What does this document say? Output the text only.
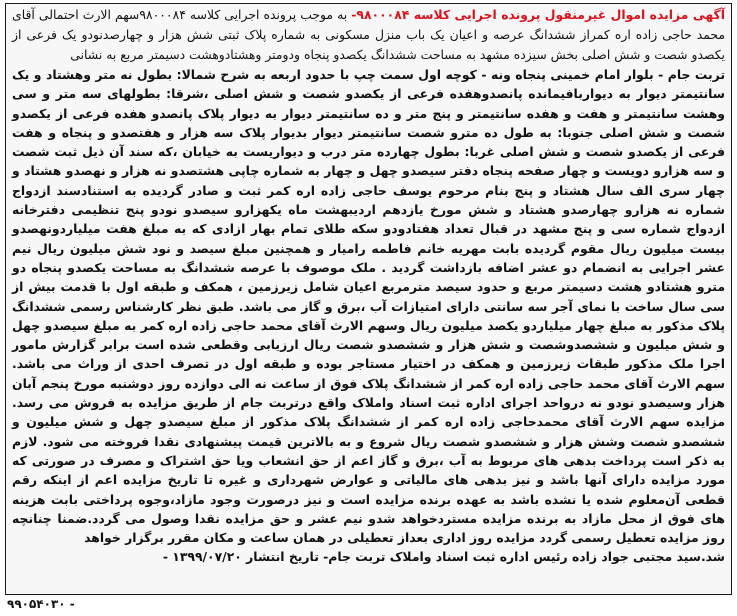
آگهی مزایده اموال غیرمنقول پرونده اجرایی کلاسه ۹۸۰۰۰۸۴- به موجب پرونده اجرایی کلاسه ۹۸۰۰۰۸۴سهم الارث احتمالی آقای محمد حاجی زاده اره کمراز ششدانگ عرصه و اعیان یک باب منزل مسکونی به شماره پلاک ثبتی شش هزار و چهارصدنودو یک فرعی از یکصدو شصت و شش اصلی بخش سیزده مشهد به مساحت ششدانگ یکصدو پنجاه ودومتر وهشتادوهشت دسیمتر مربع به نشانی

تربت جام - بلوار امام خمینی پنجاه ونه - کوچه اول سمت چپ با حدود اربعه به شرح شمالا: بطول نه متر وهشتاد و یک سانتیمتر دیوار به دیواربافیمانده پانصدوهفده فرعی از یکصدو شصت و شش اصلی ،شرقا: بطولهای سه متر و سی وهشت سانتیمتر و هفت و هفده سانتیمتر و پنج متر و ده سانتیمتر دیوار به دیوار پلاک پانصدو هفده فرعی از یکصدو شصت و شش اصلی جنوبا: به طول ده مترو شصت سانتیمتر دیوار بدیوار پلاک سه هزار و هفتصدو و پنجاه و هفت فرعی از یکصدو شصت و شش اصلی غربا: بطول چهارده متر درب و دیواریست به خیابان ،که سند آن ذیل ثبت شصت و سه هزارو دویست و چهار صفحه پنجاه دفتر سیصدو چهل و چهار به شماره چاپی هشتصدو نه هزار و نهصدو هشتاد و چهار سری الف سال هشتاد و پنج بنام مرحوم یوسف حاجی زاده اره کمر ثبت و صادر گردیده به استنادسند ازدواج شماره نه هزارو چهارصدو هشتاد و شش مورخ یازدهم اردیبهشت ماه یکهزارو سیصدو نودو پنج تنظیمی دفترخانه ازدواج شماره سی و پنج مشهد در قبال تعداد هفتادودو سکه طلای تمام بهار ازادی که به مبلغ هفت میلیاردونهصدو بیست میلیون ریال مقوم گردیده بابت مهریه خانم فاطمه رامیار و همچنین مبلغ سیصد و نود شش میلیون ریال نیم عشر اجرایی به انضمام دو عشر اضافه بازداشت گردید . ملک موصوف با عرصه ششدانگ به مساحت یکصدو پنجاه دو مترو هشتادو هشت دسیمتر مربع و حدود سیصد مترمربع اعیان شامل زیرزمین ، همکف و طبقه اول با قدمت بیش از سی سال ساخت با نمای آجر سه سانتی دارای امتیازات آب ،برق و گاز می باشد. طبق نظر کارشناس رسمی ششدانگ پلاک مذکور به مبلغ چهار میلیاردو یکصد میلیون ریال وسهم الارث آقای محمد حاجی زاده اره کمر به مبلغ سیصدو چهل و شش میلیون و ششصدوشصت و شش هزار و ششصدو شصت ریال ارزیابی وقطعی شده است برابر گزارش مامور اجرا ملک مذکور طبقات زیرزمین و همکف در اختیار مستاجر بوده و طبقه اول در تصرف احدی از وراث می باشد. سهم الارث آقای محمد حاجی زاده اره کمر از ششدانگ پلاک فوق از ساعت نه الی دوازده روز دوشنبه مورخ پنجم آبان هزار وسیصدو نودو نه درواحد اجرای اداره ثبت اسناد واملاک واقع درتربت جام از طریق مزایده به فروش می رسد. مزایده سهم الارث آقای محمدحاجی زاده اره کمر از ششدانگ پلاک مذکور از مبلغ سیصدو چهل و شش میلیون و ششصدو شصت وشش هزار و ششصدو شصت ریال شروع و به بالاترین قیمت پیشنهادی نقدا فروخته می شود. لازم به ذکر است پرداخت بدهی های مربوط به آب ،برق و گاز اعم از حق انشعاب ویا حق اشتراک و مصرف در صورتی که مورد مزایده دارای آنها باشد و نیز بدهی های مالیاتی و عوارض شهرداری و غیره تا تاریخ مزایده اعم از اینکه رقم قطعی آن‌معلوم شده یا نشده باشد به عهده برنده مزایده است و نیز درصورت وجود مازاد،وجوه پرداختی بابت هزینه های فوق از محل مازاد به برنده مزایده مستردخواهد شدو نیم عشر و حق مزایده نقدا وصول می گردد.ضمنا چنانچه روز مزایده تعطیل رسمی گردد مزایده روز اداری بعداز تعطیلی در همان ساعت و مکان مقرر برگزار خواهد

شد.سید مجتبی جواد زاده رئیس اداره ثبت اسناد واملاک تربت جام- تاریخ انتشار ۱۳۹۹/۰۷/۲۰ -

۹۹۰۵۴۰۳۰ -
